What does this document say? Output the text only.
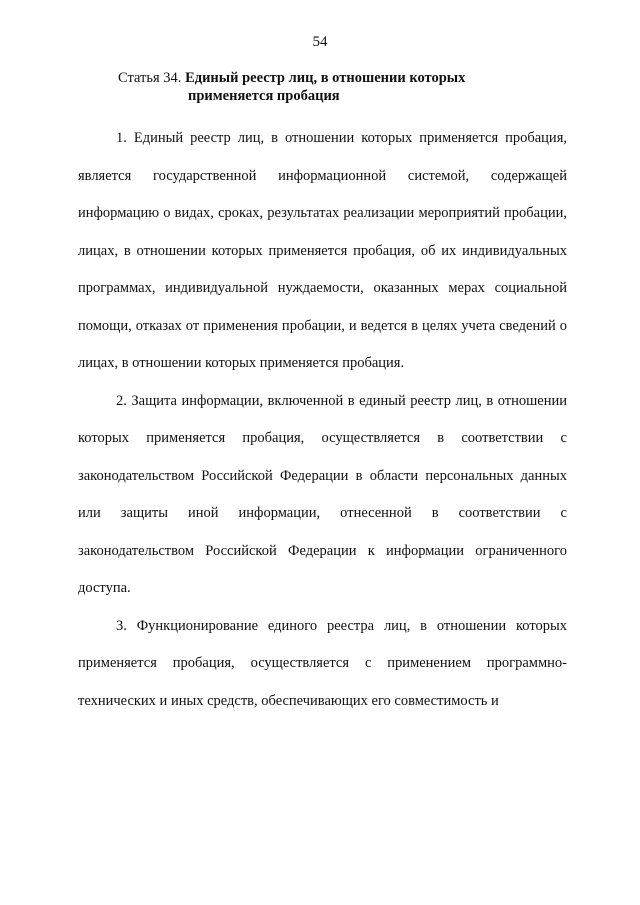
54
Статья 34. Единый реестр лиц, в отношении которых
применяется пробация

1. Единый реестр лиц, в отношении которых применяется пробация, является государственной информационной системой, содержащей информацию о видах, сроках, результатах реализации мероприятий пробации, лицах, в отношении которых применяется пробация, об их индивидуальных программах, индивидуальной нуждаемости, оказанных мерах социальной помощи, отказах от применения пробации, и ведется в целях учета сведений о лицах, в отношении которых применяется пробация.

2. Защита информации, включенной в единый реестр лиц, в отношении которых применяется пробация, осуществляется в соответствии с законодательством Российской Федерации в области персональных данных или защиты иной информации, отнесенной в соответствии с законодательством Российской Федерации к информации ограниченного доступа.

3. Функционирование единого реестра лиц, в отношении которых применяется пробация, осуществляется с применением программно-технических и иных средств, обеспечивающих его совместимость и
